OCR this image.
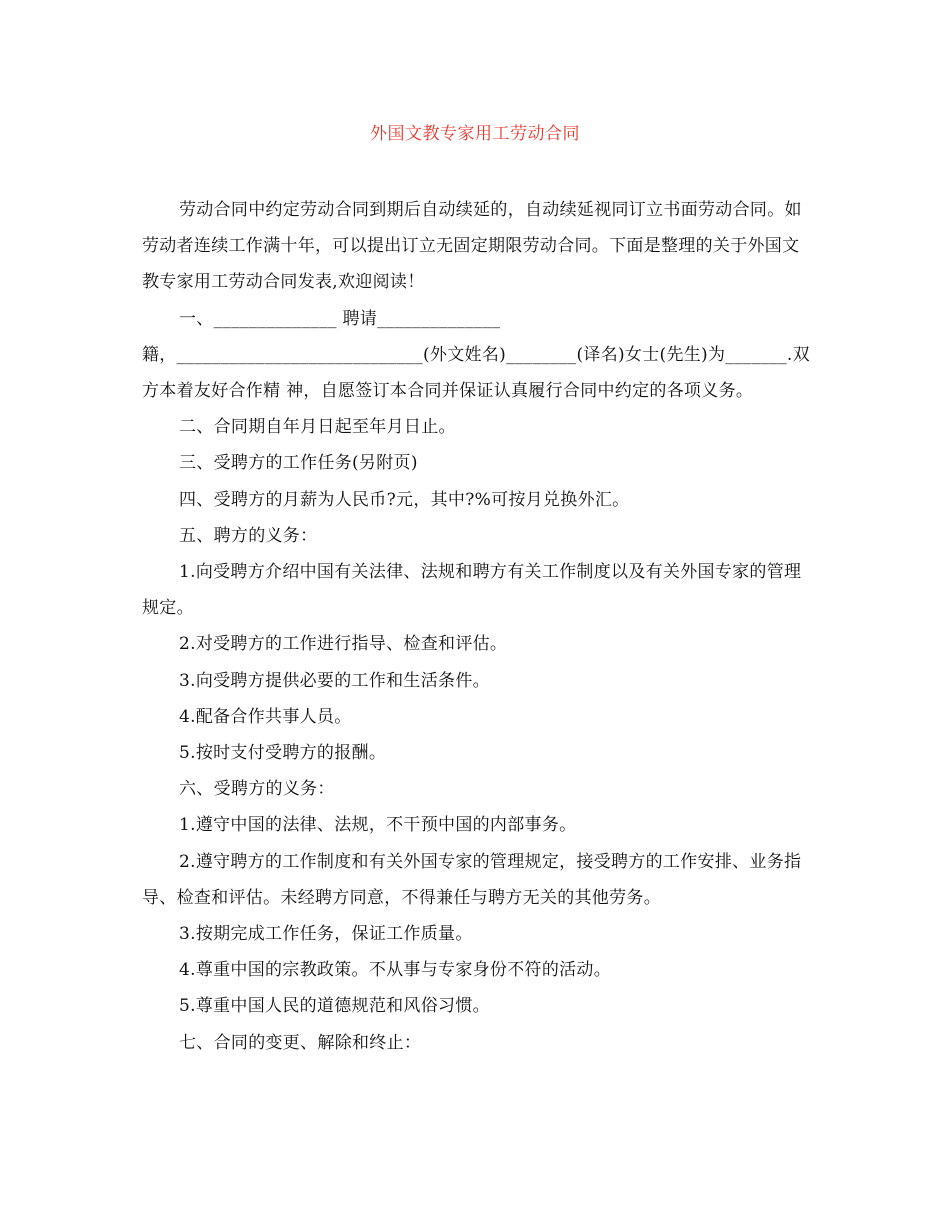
外国文教专家用工劳动合同

劳动合同中约定劳动合同到期后自动续延的，自动续延视同订立书面劳动合同。如劳动者连续工作满十年，可以提出订立无固定期限劳动合同。下面是整理的关于外国文教专家用工劳动合同发表,欢迎阅读！

一、______________ 聘请______________

籍，____________________________(外文姓名)________(译名)女士(先生)为_______.双方本着友好合作精 神，自愿签订本合同并保证认真履行合同中约定的各项义务。

二、合同期自年月日起至年月日止。

三、受聘方的工作任务(另附页)

四、受聘方的月薪为人民币?元，其中?%可按月兑换外汇。

五、聘方的义务：

1.向受聘方介绍中国有关法律、法规和聘方有关工作制度以及有关外国专家的管理规定。

2.对受聘方的工作进行指导、检查和评估。

3.向受聘方提供必要的工作和生活条件。

4.配备合作共事人员。

5.按时支付受聘方的报酬。

六、受聘方的义务：

1.遵守中国的法律、法规，不干预中国的内部事务。

2.遵守聘方的工作制度和有关外国专家的管理规定，接受聘方的工作安排、业务指导、检查和评估。未经聘方同意，不得兼任与聘方无关的其他劳务。

3.按期完成工作任务，保证工作质量。

4.尊重中国的宗教政策。不从事与专家身份不符的活动。

5.尊重中国人民的道德规范和风俗习惯。

七、合同的变更、解除和终止：
